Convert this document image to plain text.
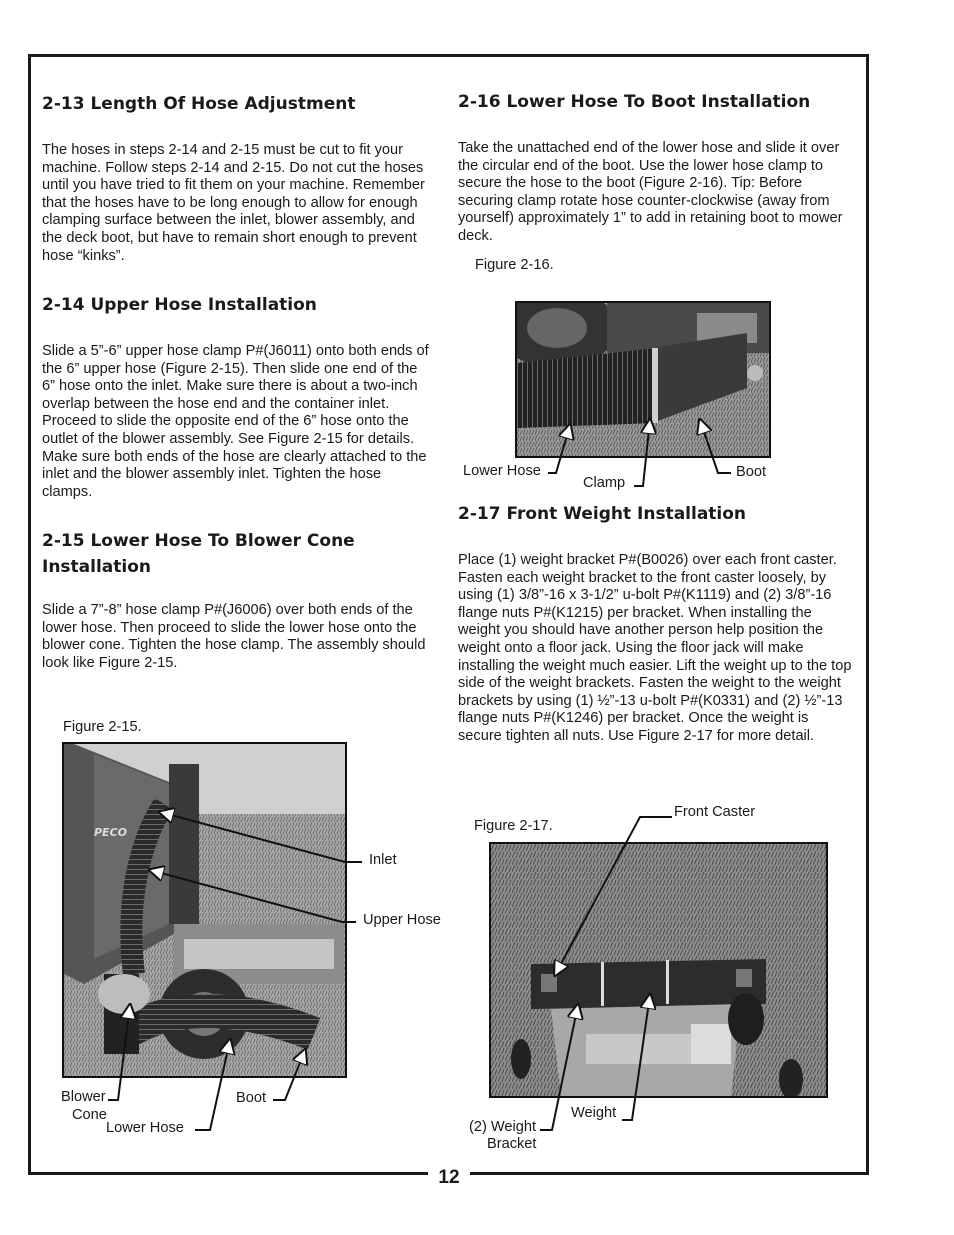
12
2-13 Length Of Hose Adjustment

The hoses in steps 2-14 and 2-15 must be cut to fit your machine. Follow steps 2-14 and 2-15. Do not cut the hoses until you have tried to fit them on your machine. Remember that the hoses have to be long enough to allow for enough clamping surface between the inlet, blower assembly, and the deck boot, but have to remain short enough to prevent hose “kinks”.

2-14 Upper Hose Installation

Slide a 5”-6” upper hose clamp P#(J6011) onto both ends of the 6” upper hose (Figure 2-15). Then slide one end of the 6” hose onto the inlet. Make sure there is about a two-inch overlap between the hose end and the container inlet. Proceed to slide the opposite end of the 6” hose onto the outlet of the blower assembly. See Figure 2-15 for details. Make sure both ends of the hose are clearly attached to the inlet and the blower assembly inlet. Tighten the hose clamps.

2-15 Lower Hose To Blower Cone Installation

Slide a 7”-8” hose clamp P#(J6006) over both ends of the lower hose. Then proceed to slide the lower hose onto the blower cone. Tighten the hose clamp. The assembly should look like Figure 2-15.

Figure 2-15.
PECO
2-16 Lower Hose To Boot Installation

Take the unattached end of the lower hose and slide it over the circular end of the boot. Use the lower hose clamp to secure the hose to the boot (Figure 2-16). Tip: Before securing clamp rotate hose counter-clockwise (away from yourself) approximately 1” to add in retaining boot to mower deck.

Figure 2-16.
2-17 Front Weight Installation

Place (1) weight bracket P#(B0026) over each front caster. Fasten each weight bracket to the front caster loosely, by using (1) 3/8”-16 x 3-1/2” u-bolt P#(K1119) and (2) 3/8”-16 flange nuts P#(K1215) per bracket. When installing the weight you should have another person help position the weight onto a floor jack. Using the floor jack will make installing the weight much easier. Lift the weight up to the top side of the weight brackets. Fasten the weight to the weight brackets by using (1) ½”-13 u-bolt P#(K0331) and (2) ½”-13 flange nuts P#(K1246) per bracket. Once the weight is secure tighten all nuts. Use Figure 2-17 for more detail.

Figure 2-17.
Inlet
Upper Hose
Blower
Cone
Lower Hose
Boot
Lower Hose
Clamp
Boot
Front Caster
Weight
(2) Weight
Bracket
